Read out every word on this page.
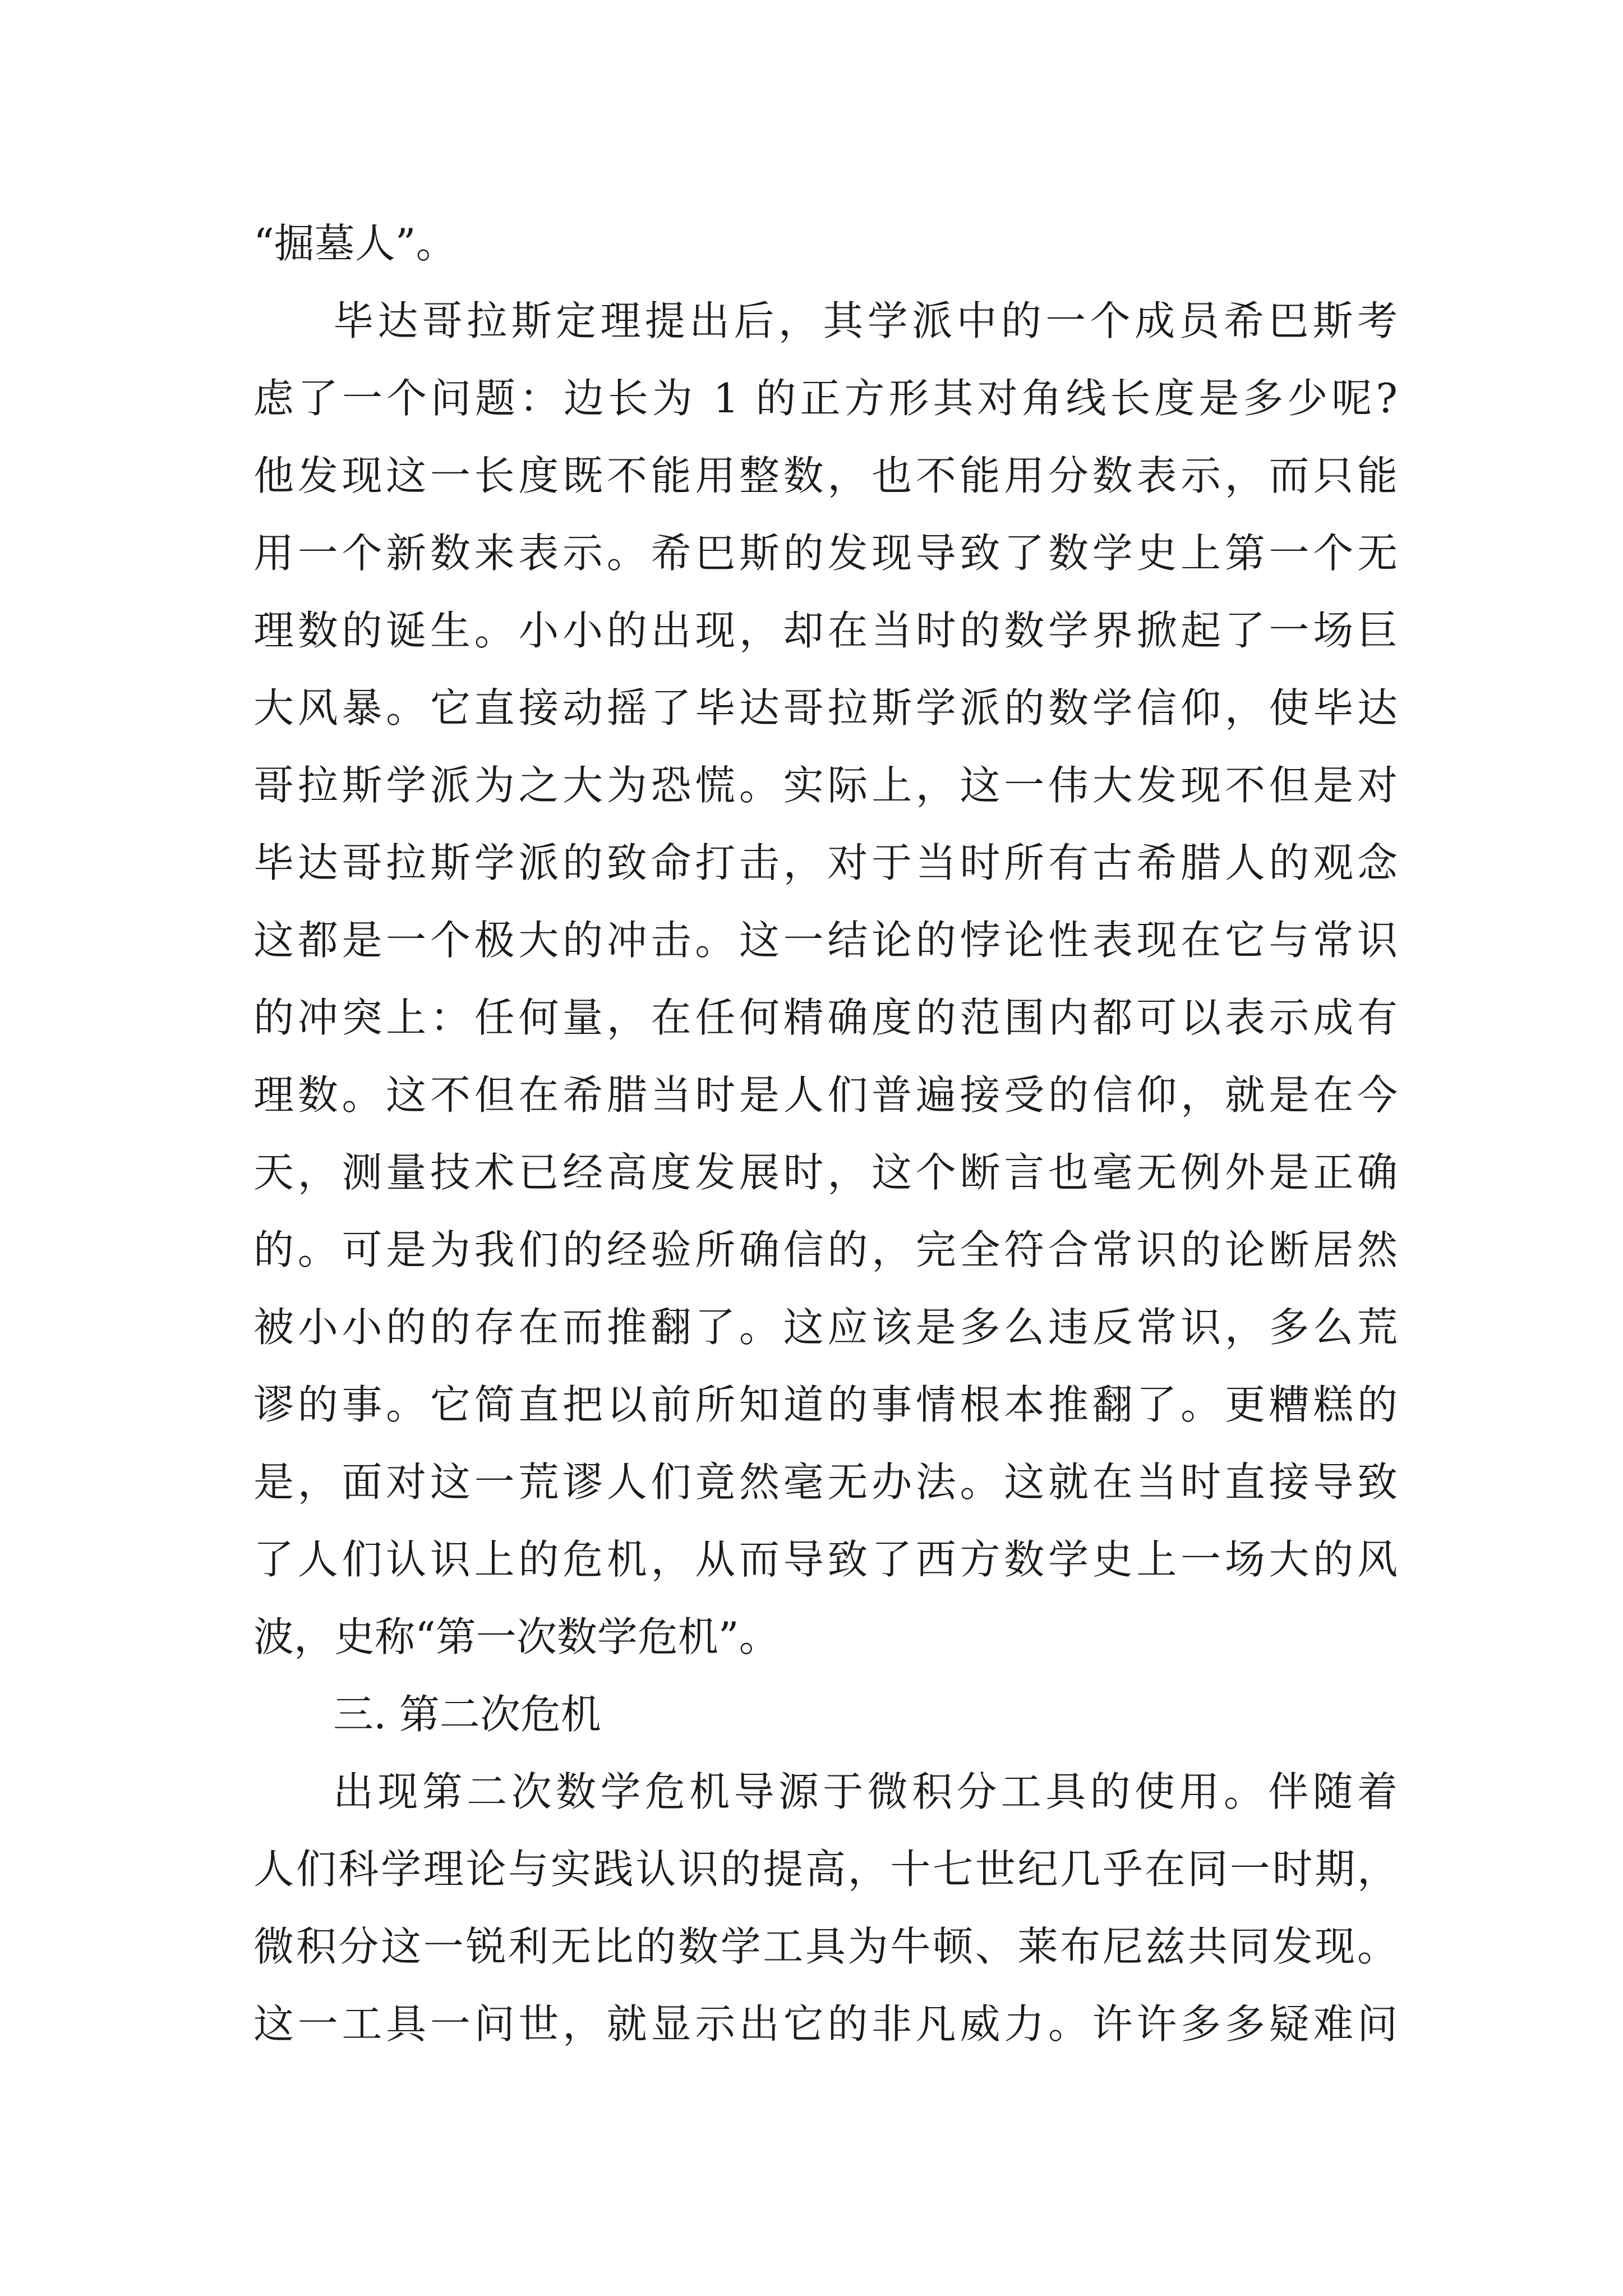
“掘墓人”。
毕达哥拉斯定理提出后，其学派中的一个成员希巴斯考
虑了一个问题：边长为 1 的正方形其对角线长度是多少呢?
他发现这一长度既不能用整数，也不能用分数表示，而只能
用一个新数来表示。希巴斯的发现导致了数学史上第一个无
理数的诞生。小小的出现，却在当时的数学界掀起了一场巨
大风暴。它直接动摇了毕达哥拉斯学派的数学信仰，使毕达
哥拉斯学派为之大为恐慌。实际上，这一伟大发现不但是对
毕达哥拉斯学派的致命打击，对于当时所有古希腊人的观念
这都是一个极大的冲击。这一结论的悖论性表现在它与常识
的冲突上：任何量，在任何精确度的范围内都可以表示成有
理数。这不但在希腊当时是人们普遍接受的信仰，就是在今
天，测量技术已经高度发展时，这个断言也毫无例外是正确
的。可是为我们的经验所确信的，完全符合常识的论断居然
被小小的的存在而推翻了。这应该是多么违反常识，多么荒
谬的事。它简直把以前所知道的事情根本推翻了。更糟糕的
是，面对这一荒谬人们竟然毫无办法。这就在当时直接导致
了人们认识上的危机，从而导致了西方数学史上一场大的风
波，史称“第一次数学危机”。
三. 第二次危机
出现第二次数学危机导源于微积分工具的使用。伴随着
人们科学理论与实践认识的提高，十七世纪几乎在同一时期，
微积分这一锐利无比的数学工具为牛顿、莱布尼兹共同发现。
这一工具一问世，就显示出它的非凡威力。许许多多疑难问
